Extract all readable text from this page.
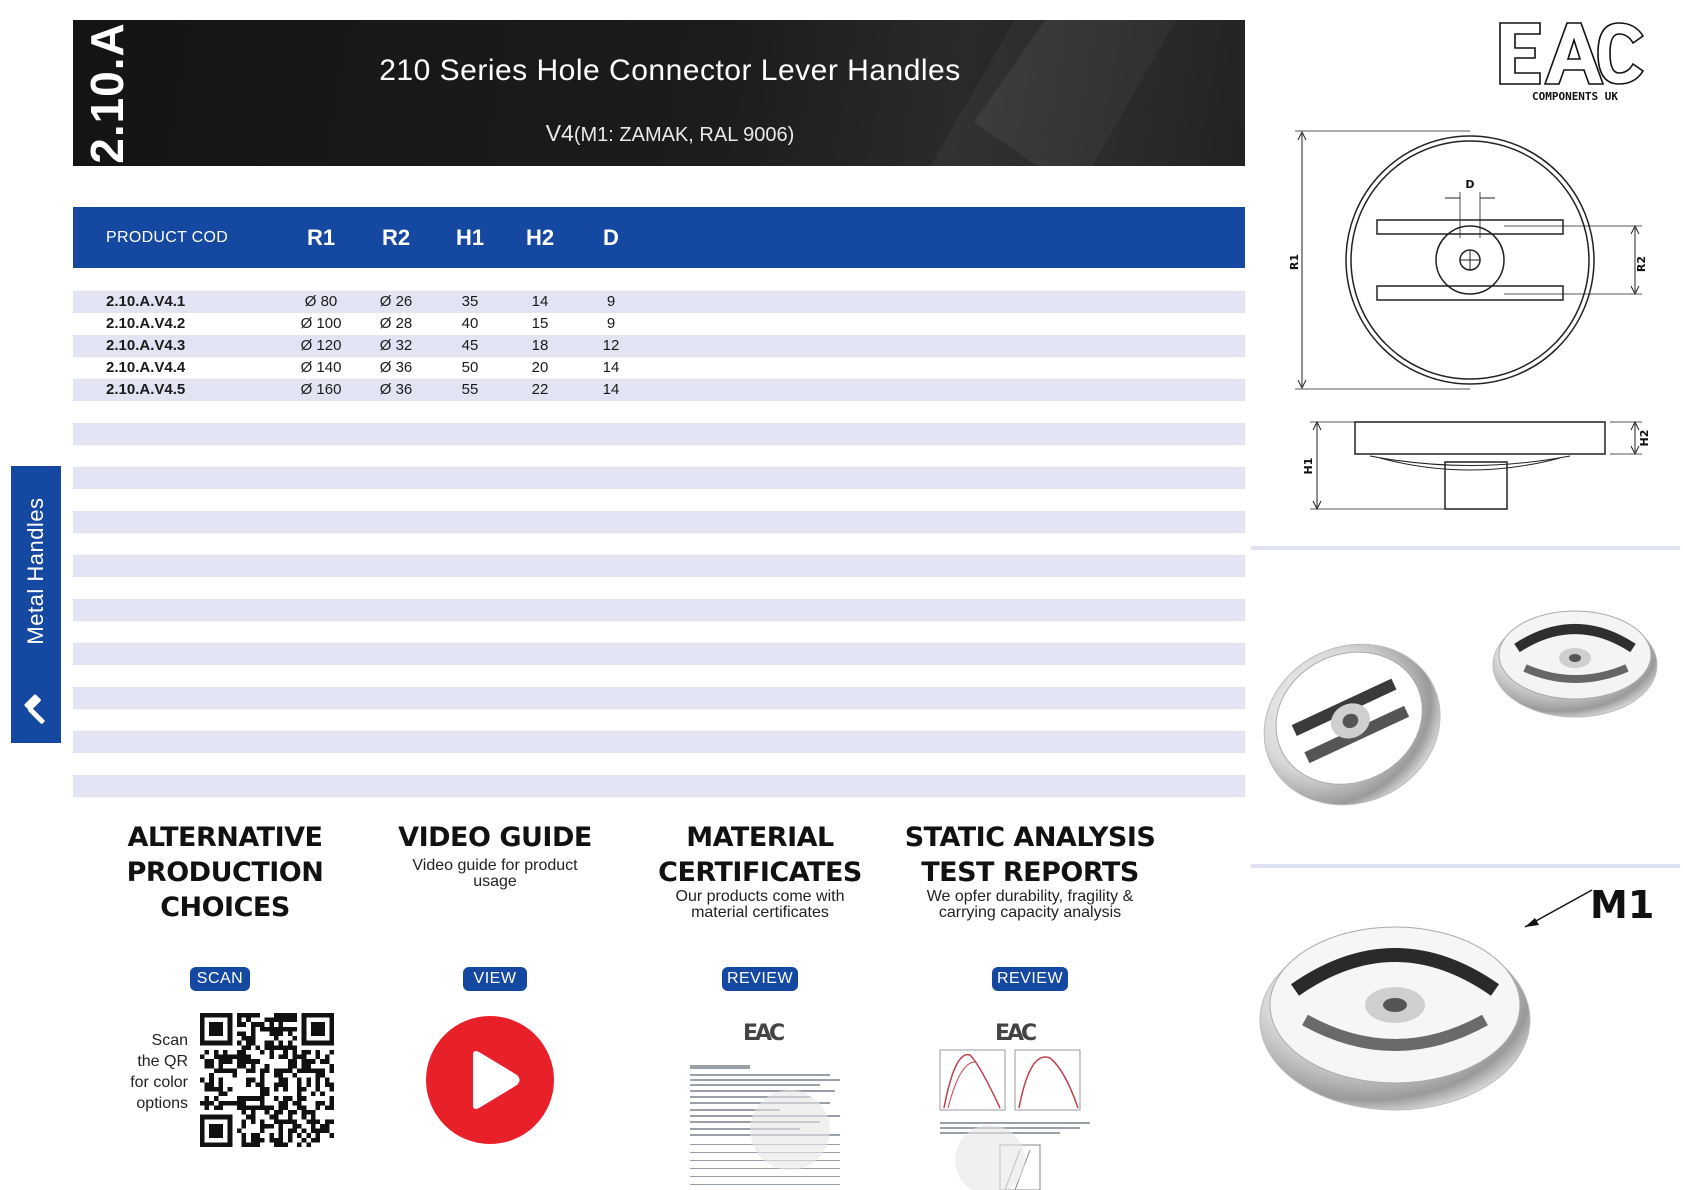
2.10.A	210 Series Hole Connector Lever Handles
V4(M1: ZAMAK, RAL 9006)
PRODUCT COD	R1	R2	H1	H2	D
2.10.A.V4.1	Ø 80	Ø 26	35	14	9
2.10.A.V4.2	Ø 100	Ø 28	40	15	9
2.10.A.V4.3	Ø 120	Ø 32	45	18	12
2.10.A.V4.4	Ø 140	Ø 36	50	20	14
2.10.A.V4.5	Ø 160	Ø 36	55	22	14
Metal Handles
ALTERNATIVE
PRODUCTION
CHOICES
SCAN
Scan
the QR
for color
options
VIDEO GUIDE
Video guide for product
usage
VIEW
MATERIAL
CERTIFICATES
Our products come with
material certificates
REVIEW
EAC
STATIC ANALYSIS
TEST REPORTS
We opfer durability, fragility &
carrying capacity analysis
REVIEW
EAC
COMPONENTS UK
R1	R2
D
H1
H2
M1
